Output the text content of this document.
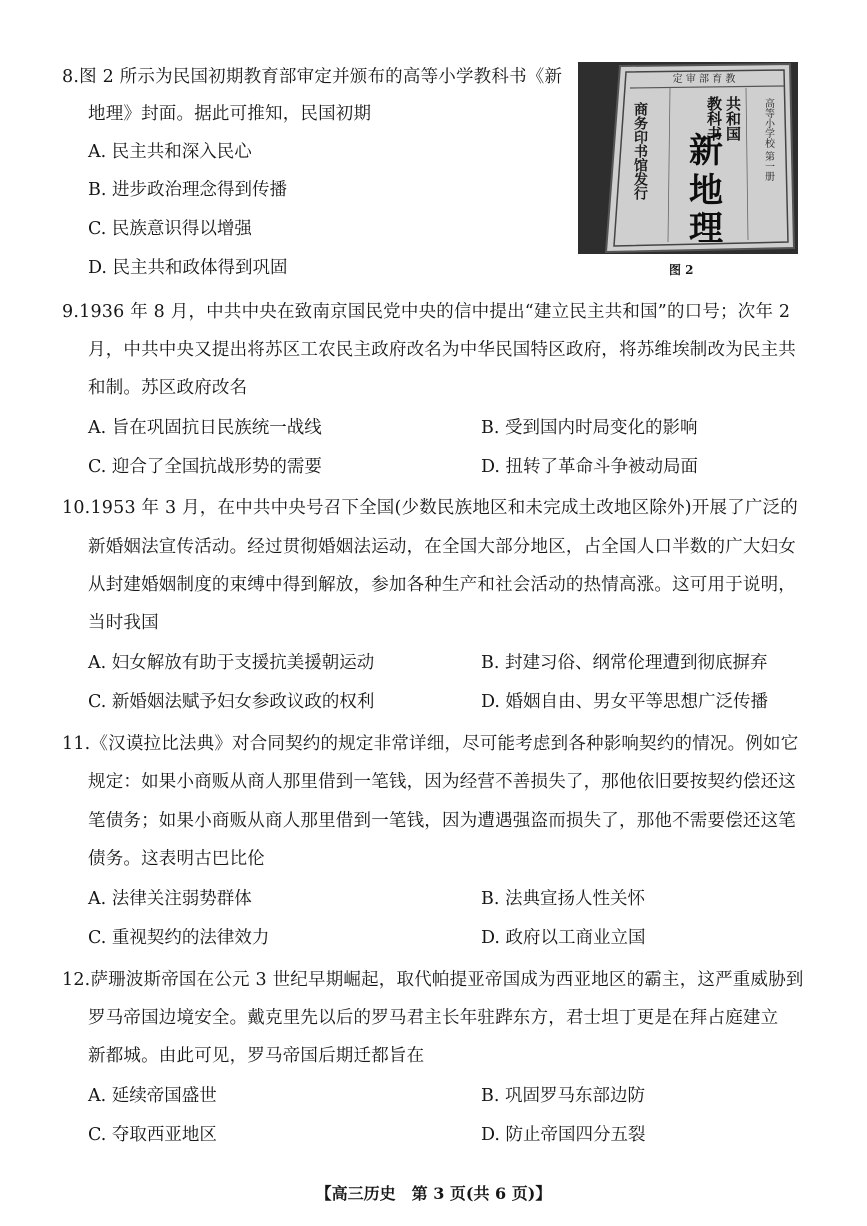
8.图 2 所示为民国初期教育部审定并颁布的高等小学教科书《新
地理》封面。据此可推知，民国初期
A. 民主共和深入民心
B. 进步政治理念得到传播
C. 民族意识得以增强
D. 民主共和政体得到巩固
定 审 部 育 教
高等小学校 第一册
共和国
教科书
新
地
理
商务印书馆发行
图 2
9.1936 年 8 月，中共中央在致南京国民党中央的信中提出“建立民主共和国”的口号；次年 2
月，中共中央又提出将苏区工农民主政府改名为中华民国特区政府，将苏维埃制改为民主共
和制。苏区政府改名
A. 旨在巩固抗日民族统一战线	B. 受到国内时局变化的影响
C. 迎合了全国抗战形势的需要	D. 扭转了革命斗争被动局面
10.1953 年 3 月，在中共中央号召下全国(少数民族地区和未完成土改地区除外)开展了广泛的
新婚姻法宣传活动。经过贯彻婚姻法运动，在全国大部分地区，占全国人口半数的广大妇女
从封建婚姻制度的束缚中得到解放，参加各种生产和社会活动的热情高涨。这可用于说明，
当时我国
A. 妇女解放有助于支援抗美援朝运动	B. 封建习俗、纲常伦理遭到彻底摒弃
C. 新婚姻法赋予妇女参政议政的权利	D. 婚姻自由、男女平等思想广泛传播
11.《汉谟拉比法典》对合同契约的规定非常详细，尽可能考虑到各种影响契约的情况。例如它
规定：如果小商贩从商人那里借到一笔钱，因为经营不善损失了，那他依旧要按契约偿还这
笔债务；如果小商贩从商人那里借到一笔钱，因为遭遇强盗而损失了，那他不需要偿还这笔
债务。这表明古巴比伦
A. 法律关注弱势群体	B. 法典宣扬人性关怀
C. 重视契约的法律效力	D. 政府以工商业立国
12.萨珊波斯帝国在公元 3 世纪早期崛起，取代帕提亚帝国成为西亚地区的霸主，这严重威胁到
罗马帝国边境安全。戴克里先以后的罗马君主长年驻跸东方，君士坦丁更是在拜占庭建立
新都城。由此可见，罗马帝国后期迁都旨在
A. 延续帝国盛世	B. 巩固罗马东部边防
C. 夺取西亚地区	D. 防止帝国四分五裂
【高三历史　第 3 页(共 6 页)】
